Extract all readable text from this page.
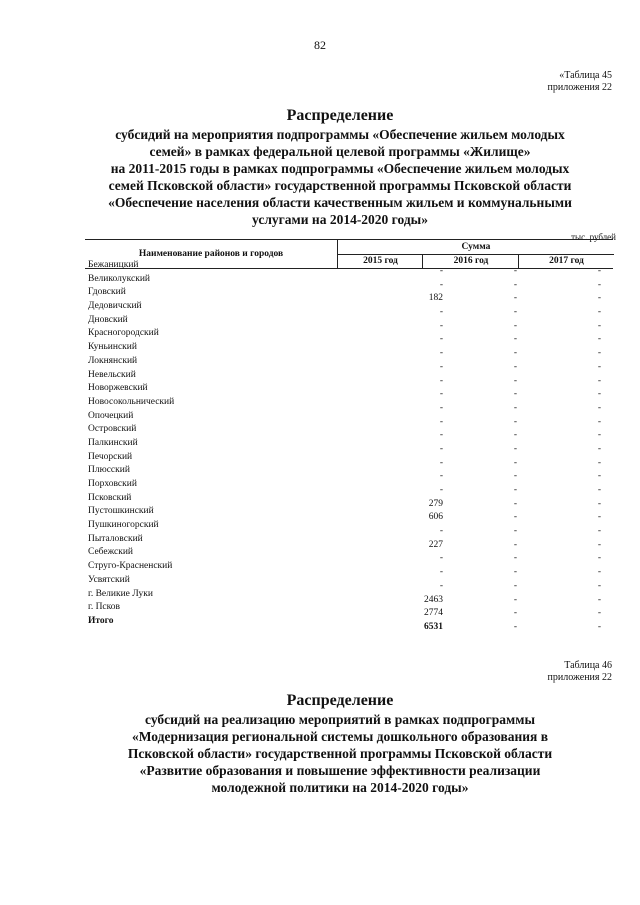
82
«Таблица 45
приложения 22
Распределение
субсидий на мероприятия подпрограммы «Обеспечение жильем молодых
семей» в рамках федеральной целевой программы «Жилище»
на 2011-2015 годы в рамках подпрограммы «Обеспечение жильем молодых
семей Псковской области» государственной программы Псковской области
«Обеспечение населения области качественным жильем и коммунальными
услугами на 2014-2020 годы»
тыс. рублей
Наименование районов и городов
Сумма
2015 год	2016 год	2017 год
Бежаницкий
-	-	-
Великолукский
-	-	-
Гдовский
182	-	-
Дедовичский
-	-	-
Дновский
-	-	-
Красногородский
-	-	-
Куньинский
-	-	-
Локнянский
-	-	-
Невельский
-	-	-
Новоржевский
-	-	-
Новосокольнический
-	-	-
Опочецкий
-	-	-
Островский
-	-	-
Палкинский
-	-	-
Печорский
-	-	-
Плюсский
-	-	-
Порховский
-	-	-
Псковский
279	-	-
Пустошкинский
606	-	-
Пушкиногорский
-	-	-
Пыталовский
227	-	-
Себежский
-	-	-
Струго-Красненский
-	-	-
Усвятский
-	-	-
г. Великие Луки
2463	-	-
г. Псков
2774	-	-
Итого
6531	-	-
Таблица 46
приложения 22
Распределение
субсидий на реализацию мероприятий в рамках подпрограммы
«Модернизация региональной системы дошкольного образования в
Псковской области» государственной программы Псковской области
«Развитие образования и повышение эффективности реализации
молодежной политики на 2014-2020 годы»
